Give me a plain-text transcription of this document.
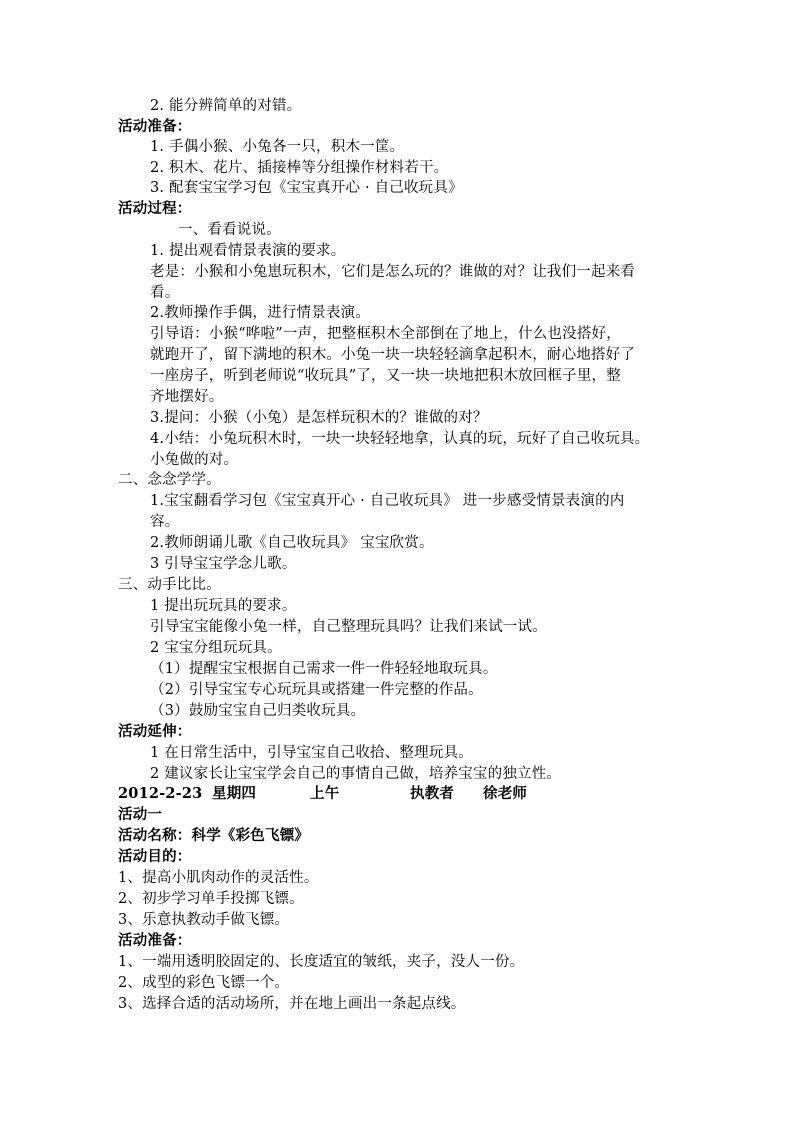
2. 能分辨简单的对错。
活动准备：
1. 手偶小猴、小兔各一只，积木一筐。
2. 积木、花片、插接棒等分组操作材料若干。
3. 配套宝宝学习包《宝宝真开心 · 自己收玩具》
活动过程：
一、看看说说。
1. 提出观看情景表演的要求。
老是：小猴和小兔崽玩积木，它们是怎么玩的？谁做的对？让我们一起来看
看。
2.教师操作手偶，进行情景表演。
引导语：小猴“哗啦”一声，把整框积木全部倒在了地上，什么也没搭好，
就跑开了，留下满地的积木。小兔一块一块轻轻滴拿起积木，耐心地搭好了
一座房子，听到老师说“收玩具”了，又一块一块地把积木放回框子里，整
齐地摆好。
3.提问：小猴（小兔）是怎样玩积木的？谁做的对？
4.小结：小兔玩积木时，一块一块轻轻地拿，认真的玩，玩好了自己收玩具。
小兔做的对。
二、念念学学。
1.宝宝翻看学习包《宝宝真开心 · 自己收玩具》 进一步感受情景表演的内
容。
2.教师朗诵儿歌《自己收玩具》 宝宝欣赏。
3 引导宝宝学念儿歌。
三、动手比比。
1 提出玩玩具的要求。
引导宝宝能像小兔一样，自己整理玩具吗？让我们来试一试。
2 宝宝分组玩玩具。
（1）提醒宝宝根据自己需求一件一件轻轻地取玩具。
（2）引导宝宝专心玩玩具或搭建一件完整的作品。
（3）鼓励宝宝自己归类收玩具。
活动延伸：
1 在日常生活中，引导宝宝自己收拾、整理玩具。
2 建议家长让宝宝学会自己的事情自己做，培养宝宝的独立性。
2012-2-23 星期四	上午	执教者 徐老师
活动一
活动名称：科学《彩色飞镖》
活动目的：
1、提高小肌肉动作的灵活性。
2、初步学习单手投掷飞镖。
3、乐意执教动手做飞镖。
活动准备：
1、一端用透明胶固定的、长度适宜的皱纸，夹子，没人一份。
2、成型的彩色飞镖一个。
3、选择合适的活动场所，并在地上画出一条起点线。
